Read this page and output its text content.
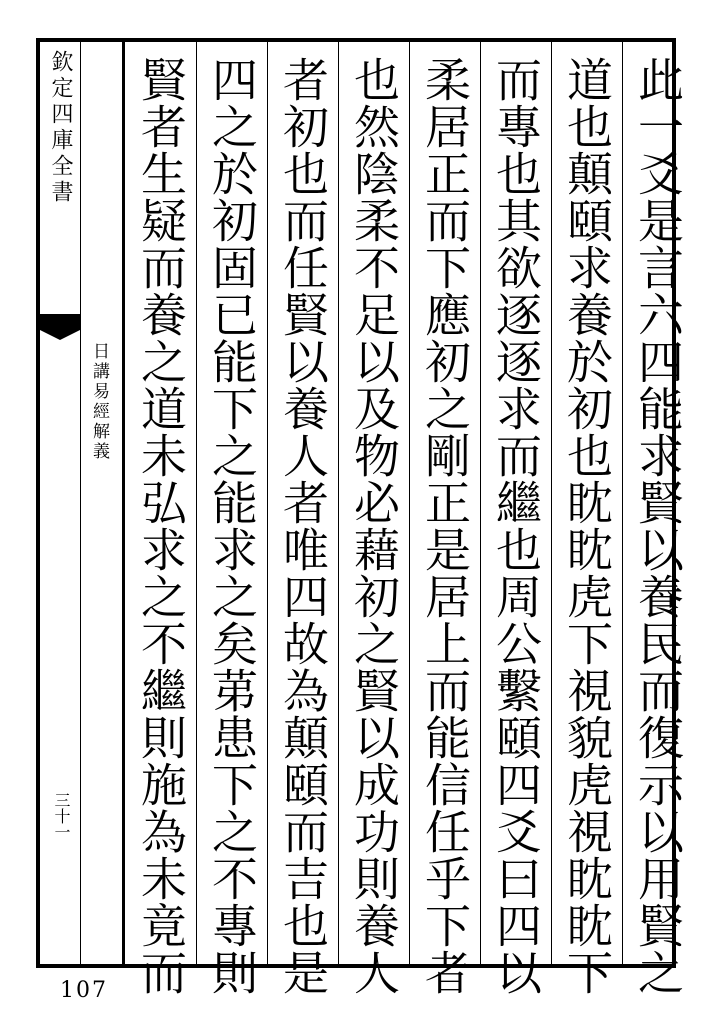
欽定四庫全書
日講易經解義
三十一	此一爻是言六四能求賢以養民而復示以用賢之
道也顛頤求養於初也眈眈虎下視貌虎視眈眈下
而專也其欲逐逐求而繼也周公繫頤四爻曰四以
柔居正而下應初之剛正是居上而能信任乎下者
也然陰柔不足以及物必藉初之賢以成功則養人
者初也而任賢以養人者唯四故為顛頤而吉也是
四之於初固已能下之能求之矣苐患下之不專則
賢者生疑而養之道未弘求之不繼則施為未竟而
107
